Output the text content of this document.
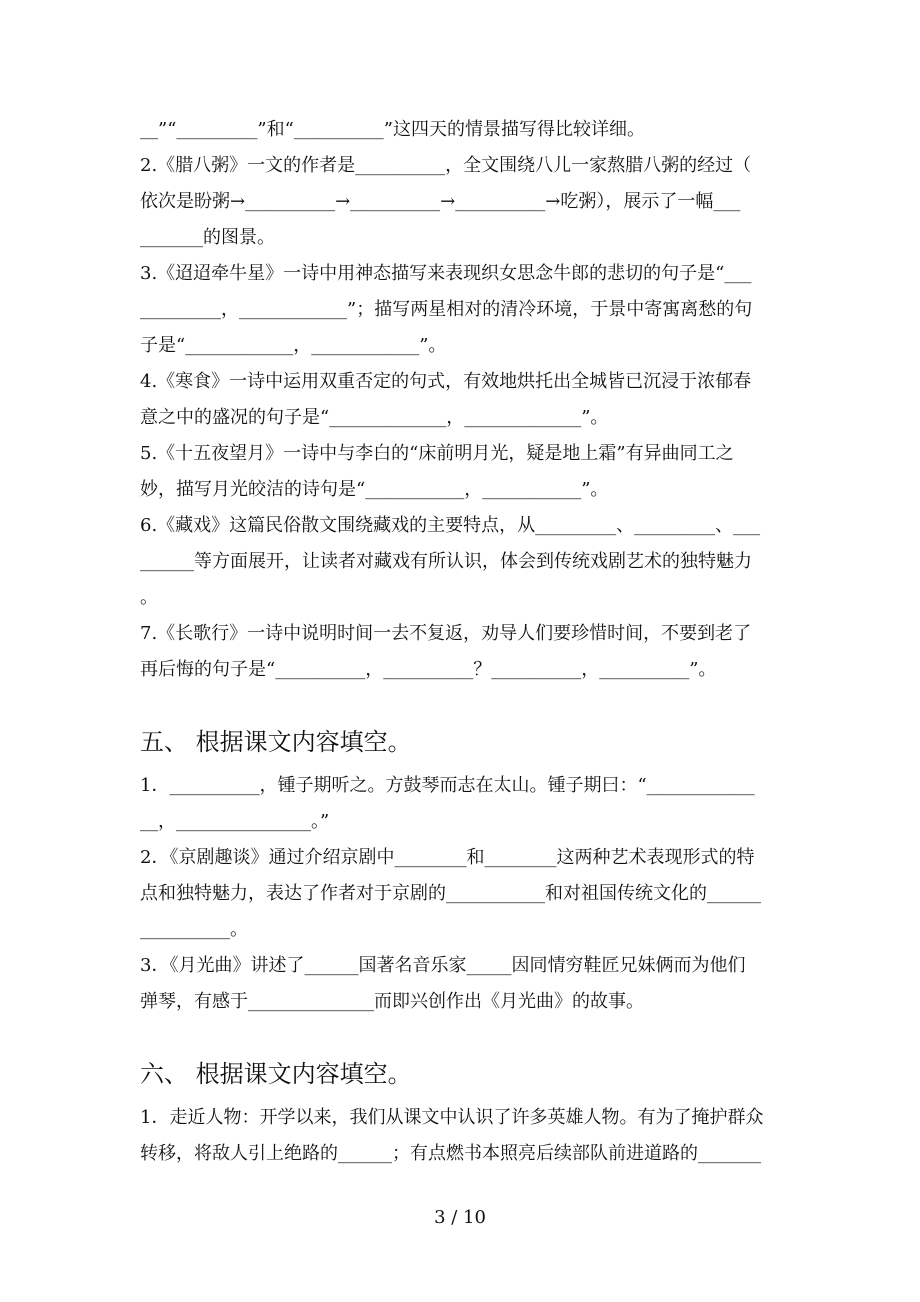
__”“_________”和“__________”这四天的情景描写得比较详细。
2.《腊八粥》一文的作者是__________，全文围绕八儿一家熬腊八粥的经过（
依次是盼粥→__________→__________→__________→吃粥），展示了一幅___
_______的图景。
3.《迢迢牵牛星》一诗中用神态描写来表现织女思念牛郎的悲切的句子是“___
_________，____________”；描写两星相对的清冷环境，于景中寄寓离愁的句
子是“____________，____________”。
4.《寒食》一诗中运用双重否定的句式，有效地烘托出全城皆已沉浸于浓郁春
意之中的盛况的句子是“_____________，_____________”。
5.《十五夜望月》一诗中与李白的“床前明月光，疑是地上霜”有异曲同工之
妙，描写月光皎洁的诗句是“___________，___________”。
6.《藏戏》这篇民俗散文围绕藏戏的主要特点，从_________、_________、___
______等方面展开，让读者对藏戏有所认识，体会到传统戏剧艺术的独特魅力
。
7.《长歌行》一诗中说明时间一去不复返，劝导人们要珍惜时间，不要到老了
再后悔的句子是“__________，__________？__________，__________”。
五、 根据课文内容填空。
1．__________，锺子期听之。方鼓琴而志在太山。锺子期曰：“____________
__，_______________。”
2．《京剧趣谈》通过介绍京剧中________和________这两种艺术表现形式的特
点和独特魅力，表达了作者对于京剧的___________和对祖国传统文化的______
__________。
3．《月光曲》讲述了______国著名音乐家_____因同情穷鞋匠兄妹俩而为他们
弹琴，有感于______________而即兴创作出《月光曲》的故事。
六、 根据课文内容填空。
1．走近人物：开学以来，我们从课文中认识了许多英雄人物。有为了掩护群众
转移，将敌人引上绝路的______；有点燃书本照亮后续部队前进道路的_______
3 / 10
